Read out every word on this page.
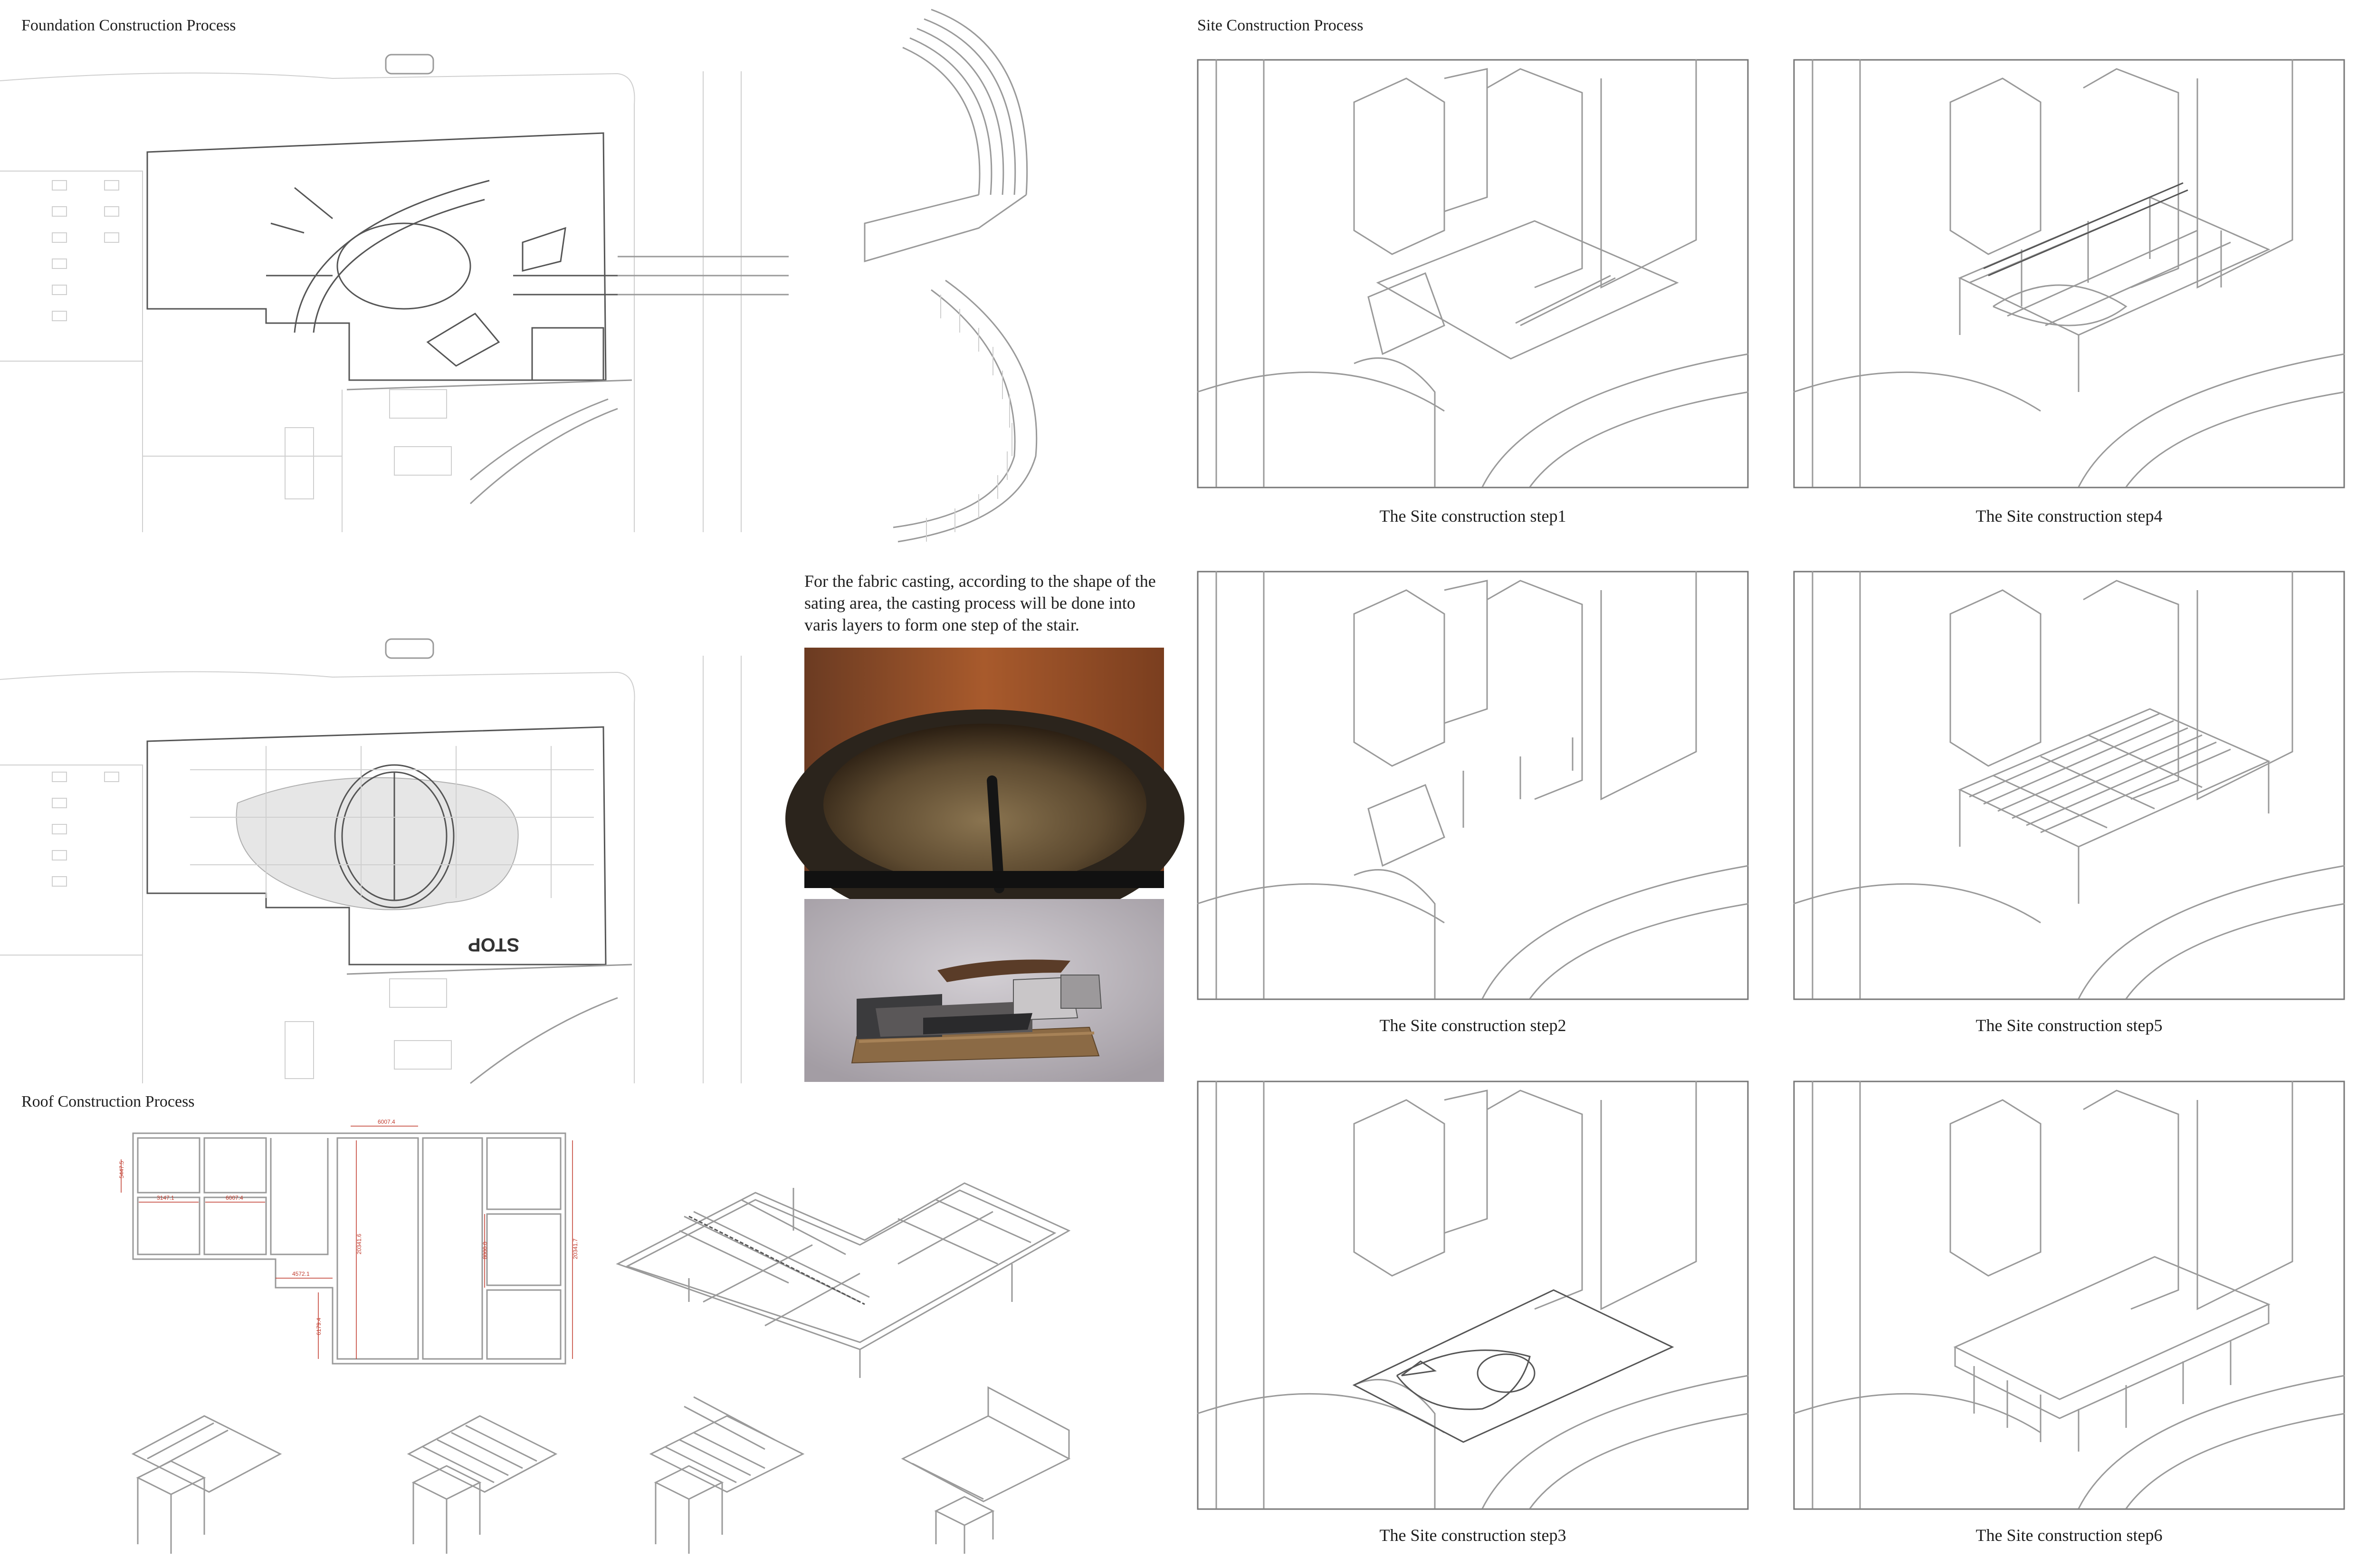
Foundation Construction Process
STOP
For the fabric casting, according to the shape of the sating area, the casting process will be done into varis layers to form one step of the stair.
Roof Construction Process
6007.4
5447.5
3147.1	6007.4
4572.1
20341.6
6179.4
8000.0	20341.7
Site Construction Process
The Site construction step1	The Site construction step4
The Site construction step2	The Site construction step5
The Site construction step3	The Site construction step6
